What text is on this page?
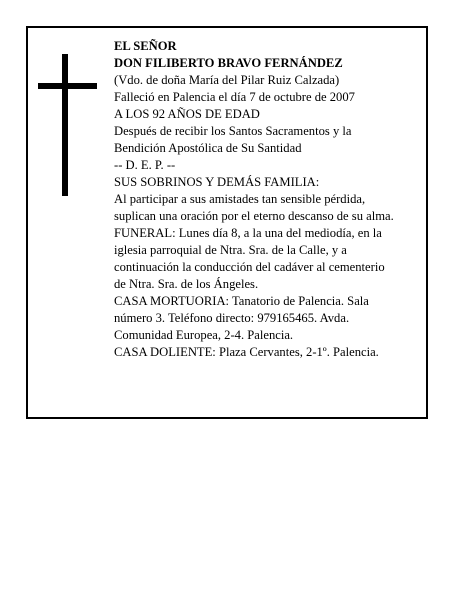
EL SEÑOR

DON FILIBERTO BRAVO FERNÁNDEZ

(Vdo. de doña María del Pilar Ruiz Calzada)

Falleció en Palencia el día 7 de octubre de 2007

A LOS 92 AÑOS DE EDAD

Después de recibir los Santos Sacramentos y la

Bendición Apostólica de Su Santidad

-- D. E. P. --

SUS SOBRINOS Y DEMÁS FAMILIA:

Al participar a sus amistades tan sensible pérdida,

suplican una oración por el eterno descanso de su alma.

FUNERAL: Lunes día 8, a la una del mediodía, en la

iglesia parroquial de Ntra. Sra. de la Calle, y a

continuación la conducción del cadáver al cementerio

de Ntra. Sra. de los Ángeles.

CASA MORTUORIA: Tanatorio de Palencia. Sala

número 3. Teléfono directo: 979165465. Avda.

Comunidad Europea, 2-4. Palencia.

CASA DOLIENTE: Plaza Cervantes, 2-1º. Palencia.
